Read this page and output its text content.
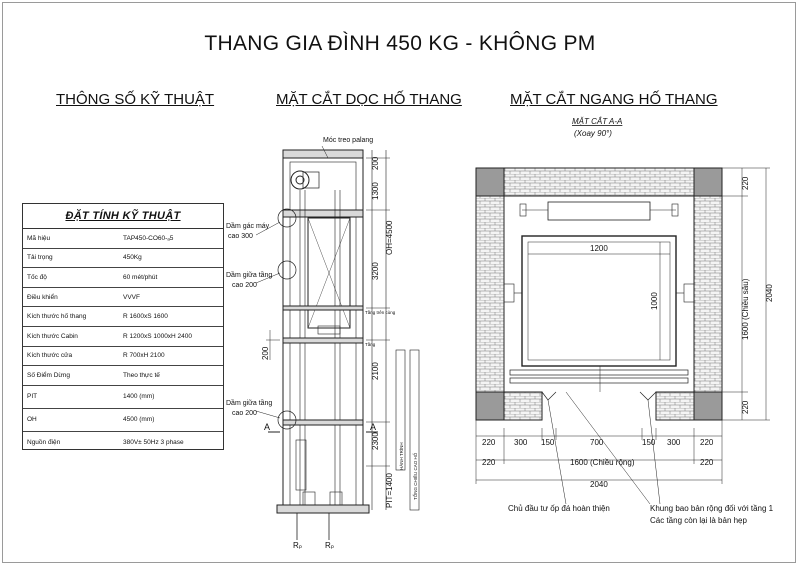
THANG GIA ĐÌNH 450 KG - KHÔNG PM
THÔNG SỐ KỸ THUẬT	MẶT CẮT DỌC HỐ THANG	MẶT CẮT NGANG HỐ THANG
ĐẶT TÍNH KỸ THUẬT
Mã hiệu	TAP450-CO60-ₐ5
Tải trọng	450Kg
Tốc độ	60 mét/phút
Điều khiển	VVVF
Kích thước hố thang	R 1600xS 1600
Kích thước Cabin	R 1200xS 1000xH 2400
Kích thước cửa	R 700xH 2100
Số Điểm Dừng	Theo thực tế
PIT	1400 (mm)
OH	4500 (mm)
Nguồn điện	380V± 50Hz 3 phase
Móc treo palang
Dầm gác máy
cao 300
Dầm giữa tầng
cao 200
Dầm giữa tầng
cao 200
Tầng trên cùng
Tầng
A	A
Rₚ	Rₚ
HÀNH TRÌNH TỔNG CHIỀU CAO HỐ
200
1300
OH=4500
3200
200
2100
2300
PIT=1400
MẶT CẮT A-A
(Xoay 90°)
1200
1000
220
1600 (Chiều sâu)
220
2040
220 300 150	700	150 300 220
220	1600 (Chiều rộng)	220
2040
Chủ đầu tư ốp đá hoàn thiện	Khung bao bản rộng đối với tầng 1
Các tầng còn lại là bản hẹp
